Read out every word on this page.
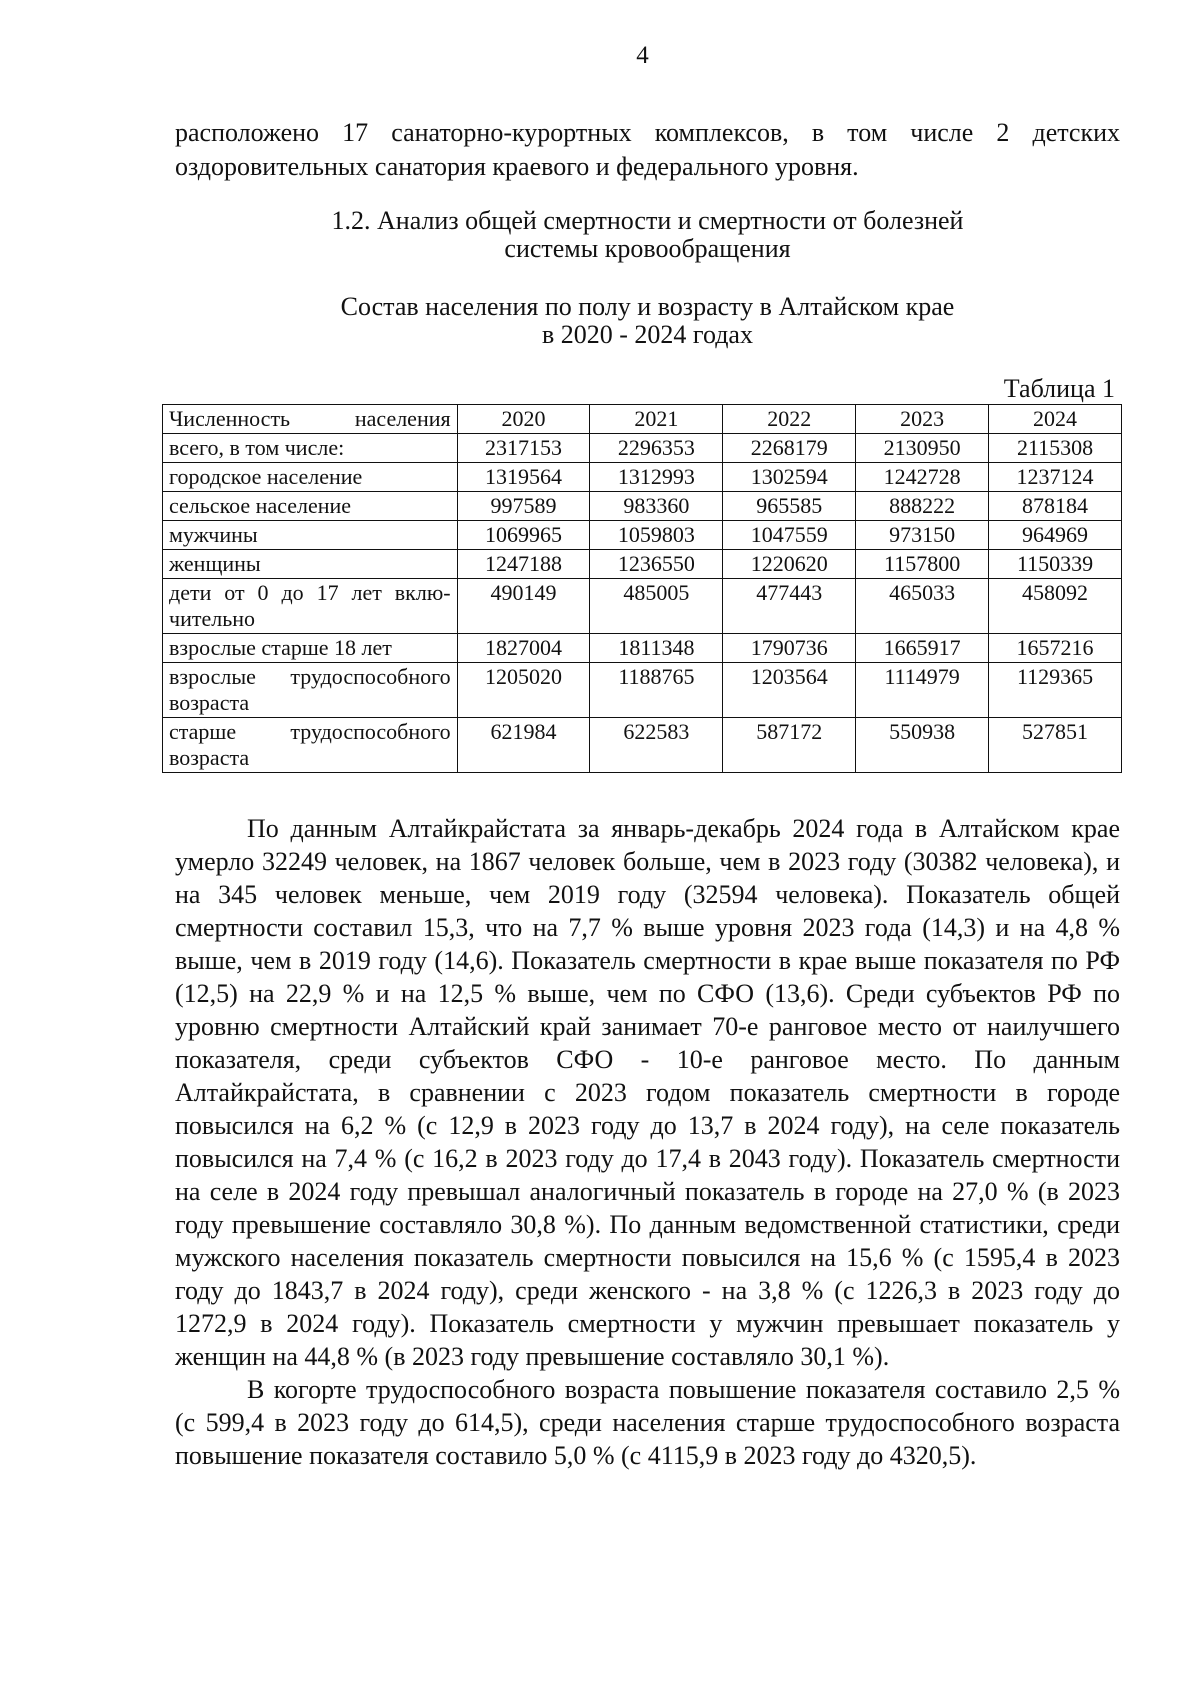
4
расположено 17 санаторно-курортных комплексов, в том числе 2 детских
оздоровительных санатория краевого и федерального уровня.
1.2. Анализ общей смертности и смертности от болезней
системы кровообращения
Состав населения по полу и возрасту в Алтайском крае
в 2020 - 2024 годах
Таблица 1
Численность населения	2020	2021	2022	2023	2024
всего, в том числе:	2317153	2296353	2268179	2130950	2115308
городское население	1319564	1312993	1302594	1242728	1237124
сельское население	997589	983360	965585	888222	878184
мужчины	1069965	1059803	1047559	973150	964969
женщины	1247188	1236550	1220620	1157800	1150339

дети от 0 до 17 лет вклю-
чительно	490149	485005	477443	465033	458092
взрослые старше 18 лет	1827004	1811348	1790736	1665917	1657216

взрослые трудоспособного
возраста	1205020	1188765	1203564	1114979	1129365

старше трудоспособного
возраста	621984	622583	587172	550938	527851

По данным Алтайкрайстата за январь-декабрь 2024 года в Алтайском крае умерло 32249 человек, на 1867 человек больше, чем в 2023 году (30382 человека), и на 345 человек меньше, чем 2019 году (32594 человека). Показатель общей смертности составил 15,3, что на 7,7 % выше уровня 2023 года (14,3) и на 4,8 % выше, чем в 2019 году (14,6). Показатель смертности в крае выше показателя по РФ (12,5) на 22,9 % и на 12,5 % выше, чем по СФО (13,6). Среди субъектов РФ по уровню смертности Алтайский край занимает 70-е ранговое место от наилучшего показателя, среди субъектов СФО - 10-е ранговое место. По данным Алтайкрайстата, в сравнении с 2023 годом показатель смертности в городе повысился на 6,2 % (с 12,9 в 2023 году до 13,7 в 2024 году), на селе показатель повысился на 7,4 % (с 16,2 в 2023 году до 17,4 в 2043 году). Показатель смертности на селе в 2024 году превышал аналогичный показатель в городе на 27,0 % (в 2023 году превышение составляло 30,8 %). По данным ведомственной статистики, среди мужского населения показатель смертности повысился на 15,6 % (с 1595,4 в 2023 году до 1843,7 в 2024 году), среди женского - на 3,8 % (с 1226,3 в 2023 году до 1272,9 в 2024 году). Показатель смертности у мужчин превышает показатель у женщин на 44,8 % (в 2023 году превышение составляло 30,1 %).

В когорте трудоспособного возраста повышение показателя составило 2,5 % (с 599,4 в 2023 году до 614,5), среди населения старше трудоспособного возраста повышение показателя составило 5,0 % (с 4115,9 в 2023 году до 4320,5).
